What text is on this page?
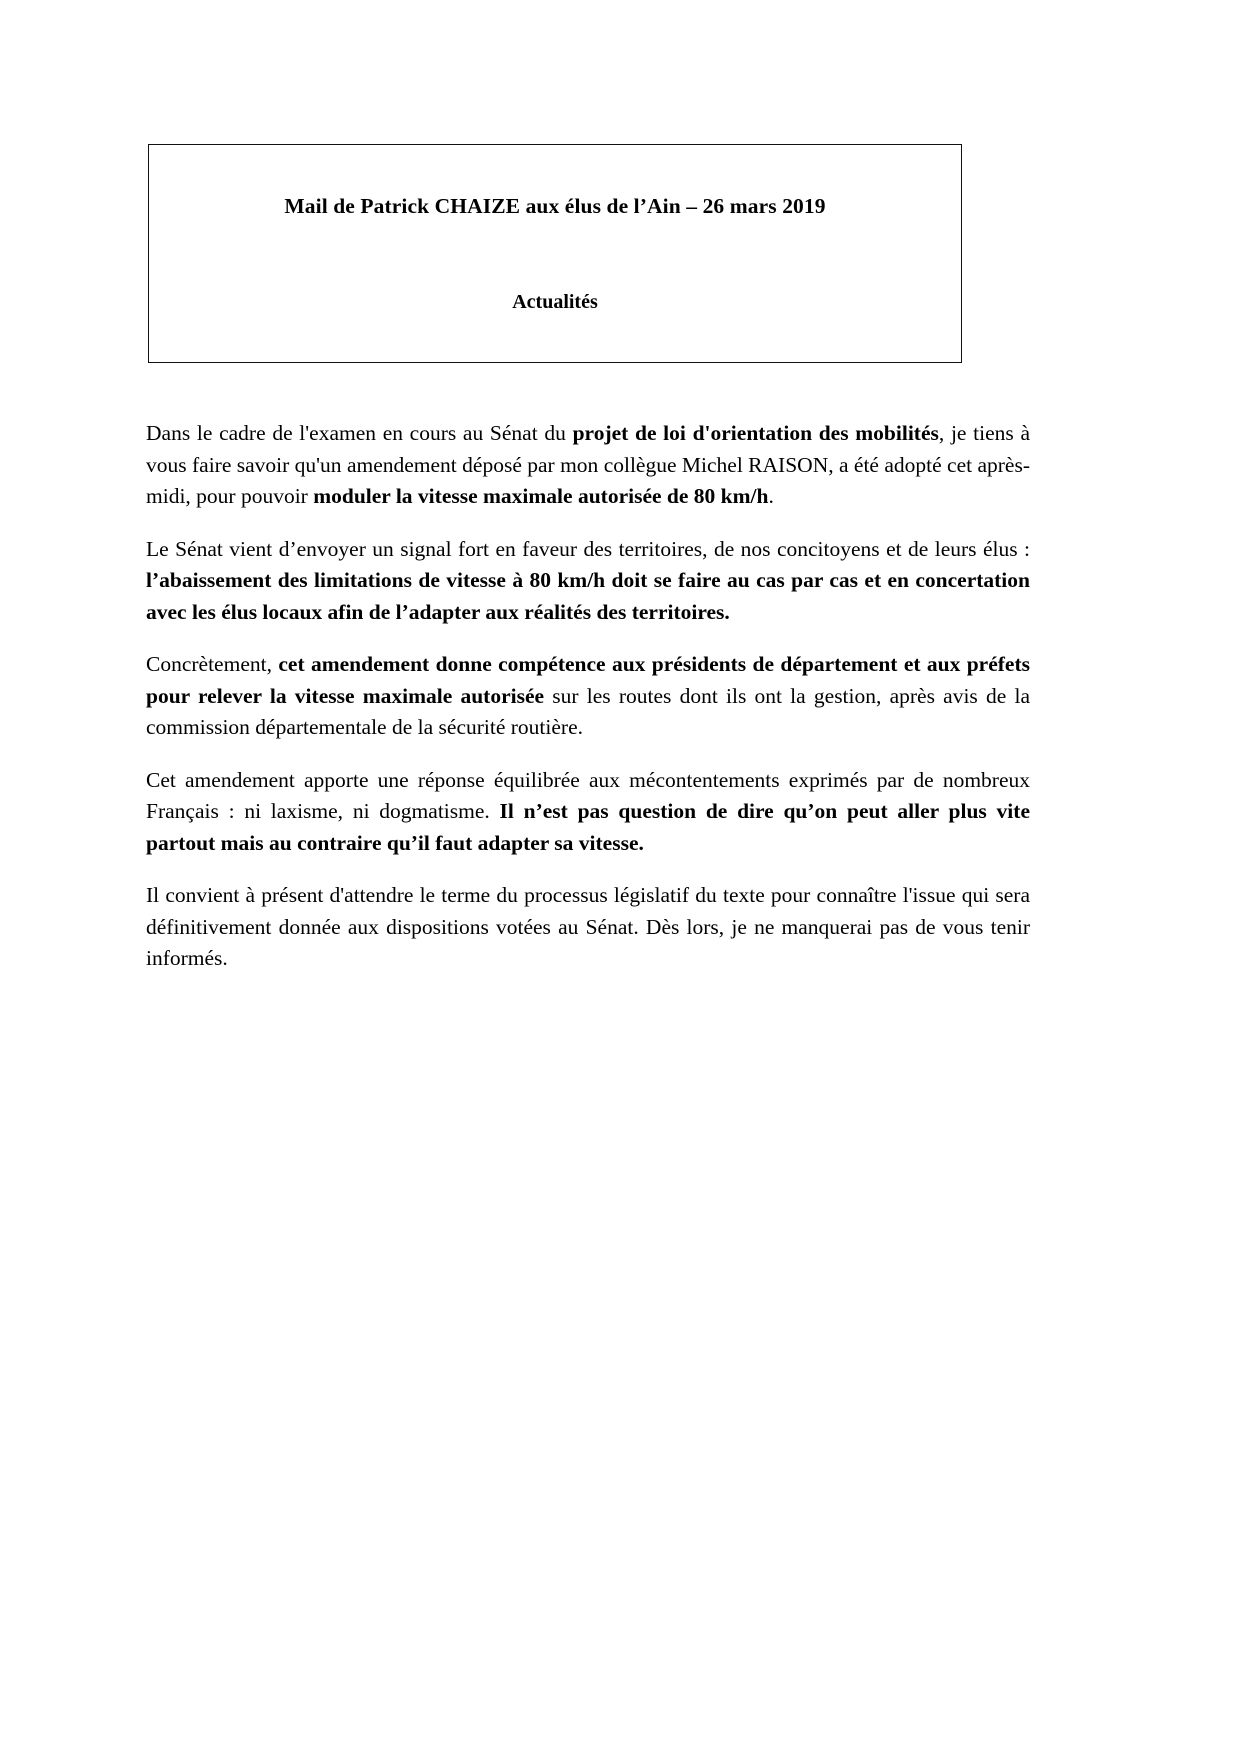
Mail de Patrick CHAIZE aux élus de l’Ain – 26 mars 2019
Actualités

Dans le cadre de l'examen en cours au Sénat du projet de loi d'orientation des mobilités, je tiens à vous faire savoir qu'un amendement déposé par mon collègue Michel RAISON, a été adopté cet après-midi, pour pouvoir moduler la vitesse maximale autorisée de 80 km/h.

Le Sénat vient d’envoyer un signal fort en faveur des territoires, de nos concitoyens et de leurs élus : l’abaissement des limitations de vitesse à 80 km/h doit se faire au cas par cas et en concertation avec les élus locaux afin de l’adapter aux réalités des territoires.

Concrètement, cet amendement donne compétence aux présidents de département et aux préfets pour relever la vitesse maximale autorisée sur les routes dont ils ont la gestion, après avis de la commission départementale de la sécurité routière.

Cet amendement apporte une réponse équilibrée aux mécontentements exprimés par de nombreux Français : ni laxisme, ni dogmatisme. Il n’est pas question de dire qu’on peut aller plus vite partout mais au contraire qu’il faut adapter sa vitesse.

Il convient à présent d'attendre le terme du processus législatif du texte pour connaître l'issue qui sera définitivement donnée aux dispositions votées au Sénat. Dès lors, je ne manquerai pas de vous tenir informés.
